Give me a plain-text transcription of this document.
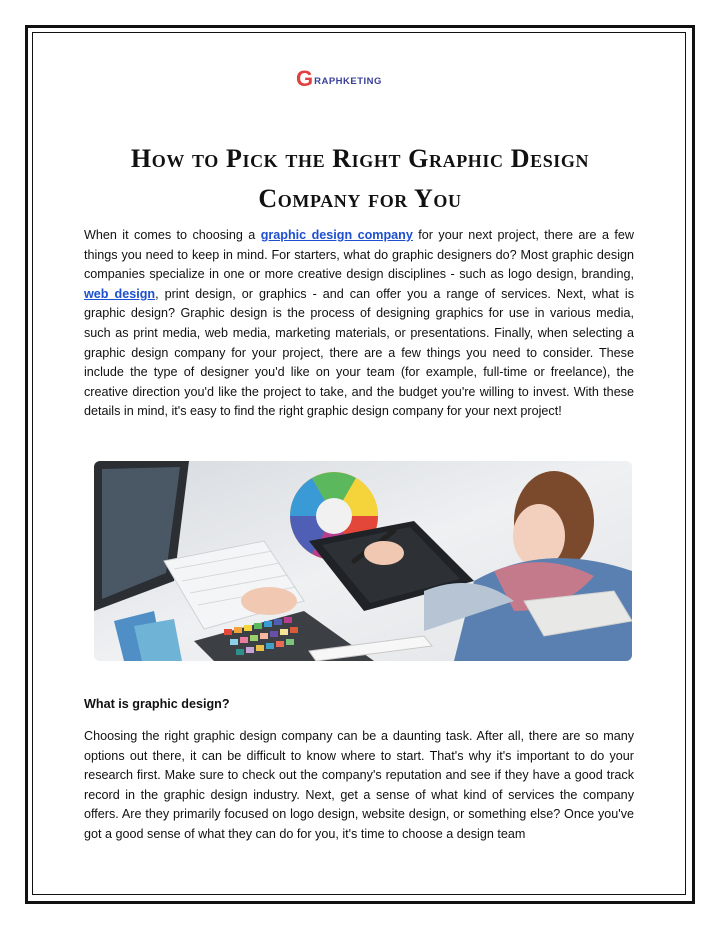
G RAPHKETING
How to Pick the Right Graphic Design
Company for You
When it comes to choosing a graphic design company for your next project, there are a few things you need to keep in mind. For starters, what do graphic designers do? Most graphic design companies specialize in one or more creative design disciplines - such as logo design, branding, web design, print design, or graphics - and can offer you a range of services. Next, what is graphic design? Graphic design is the process of designing graphics for use in various media, such as print media, web media, marketing materials, or presentations. Finally, when selecting a graphic design company for your project, there are a few things you need to consider. These include the type of designer you'd like on your team (for example, full-time or freelance), the creative direction you'd like the project to take, and the budget you're willing to invest. With these details in mind, it's easy to find the right graphic design company for your next project!
What is graphic design?
Choosing the right graphic design company can be a daunting task. After all, there are so many options out there, it can be difficult to know where to start. That's why it's important to do your research first. Make sure to check out the company's reputation and see if they have a good track record in the graphic design industry. Next, get a sense of what kind of services the company offers. Are they primarily focused on logo design, website design, or something else? Once you've got a good sense of what they can do for you, it's time to choose a design team
